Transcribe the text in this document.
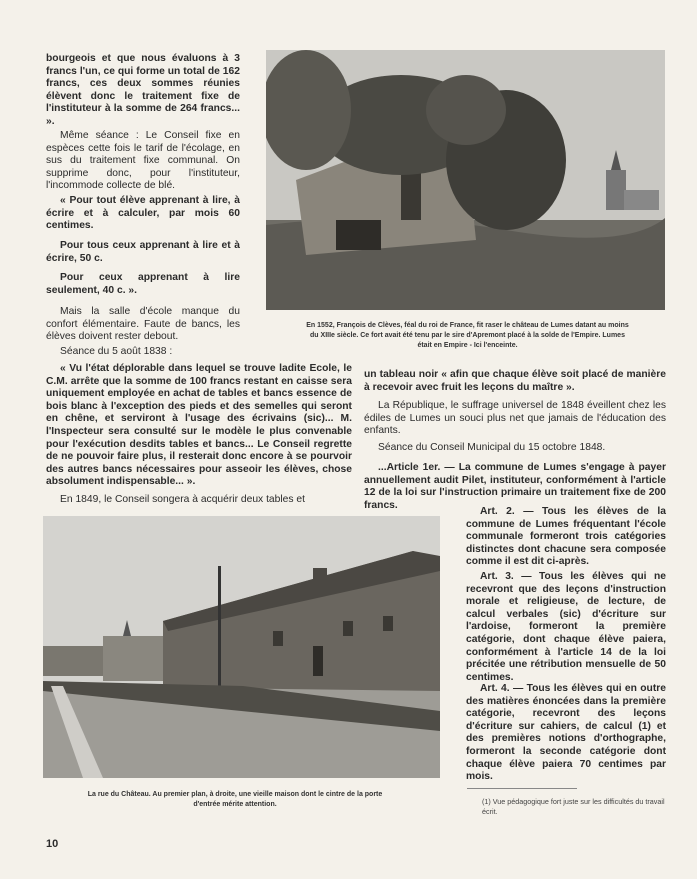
bourgeois et que nous évaluons à 3 francs l'un, ce qui forme un total de 162 francs, ces deux sommes réunies élèvent donc le traitement fixe de l'instituteur à la somme de 264 francs... ».

Même séance : Le Conseil fixe en espèces cette fois le tarif de l'écolage, en sus du traitement fixe communal. On supprime donc, pour l'instituteur, l'incommode collecte de blé.

« Pour tout élève apprenant à lire, à écrire et à calculer, par mois 60 centimes.

Pour tous ceux apprenant à lire et à écrire, 50 c.

Pour ceux apprenant à lire seulement, 40 c. ».

Mais la salle d'école manque du confort élémentaire. Faute de bancs, les élèves doivent rester debout.

Séance du 5 août 1838 :

« Vu l'état déplorable dans lequel se trouve ladite Ecole, le C.M. arrête que la somme de 100 francs restant en caisse sera uniquement employée en achat de tables et bancs essence de bois blanc à l'exception des pieds et des semelles qui seront en chêne, et serviront à l'usage des écrivains (sic)... M. l'Inspecteur sera consulté sur le modèle le plus convenable pour l'exécution desdits tables et bancs... Le Conseil regrette de ne pouvoir faire plus, il resterait donc encore à se pourvoir des autres bancs nécessaires pour asseoir les élèves, chose absolument indispensable... ».

En 1849, le Conseil songera à acquérir deux tables et

En 1552, François de Clèves, féal du roi de France, fit raser le château de Lumes datant au moins du XIIIe siècle. Ce fort avait été tenu par le sire d'Apremont placé à la solde de l'Empire. Lumes était en Empire - Ici l'enceinte.

un tableau noir « afin que chaque élève soit placé de manière à recevoir avec fruit les leçons du maître ».

La République, le suffrage universel de 1848 éveillent chez les édiles de Lumes un souci plus net que jamais de l'éducation des enfants.

Séance du Conseil Municipal du 15 octobre 1848.

...Article 1er. — La commune de Lumes s'engage à payer annuellement audit Pilet, instituteur, conformément à l'article 12 de la loi sur l'instruction primaire un traitement fixe de 200 francs.

Art. 2. — Tous les élèves de la commune de Lumes fréquentant l'école communale formeront trois catégories distinctes dont chacune sera composée comme il est dit ci-après.

Art. 3. — Tous les élèves qui ne recevront que des leçons d'instruction morale et religieuse, de lecture, de calcul verbales (sic) d'écriture sur l'ardoise, formeront la première catégorie, dont chaque élève paiera, conformément à l'article 14 de la loi précitée une rétribution mensuelle de 50 centimes.

Art. 4. — Tous les élèves qui en outre des matières énoncées dans la première catégorie, recevront des leçons d'écriture sur cahiers, de calcul (1) et des premières notions d'orthographe, formeront la seconde catégorie dont chaque élève paiera 70 centimes par mois.

La rue du Château. Au premier plan, à droite, une vieille maison dont le cintre de la porte d'entrée mérite attention.	(1) Vue pédagogique fort juste sur les difficultés du travail écrit.

10
